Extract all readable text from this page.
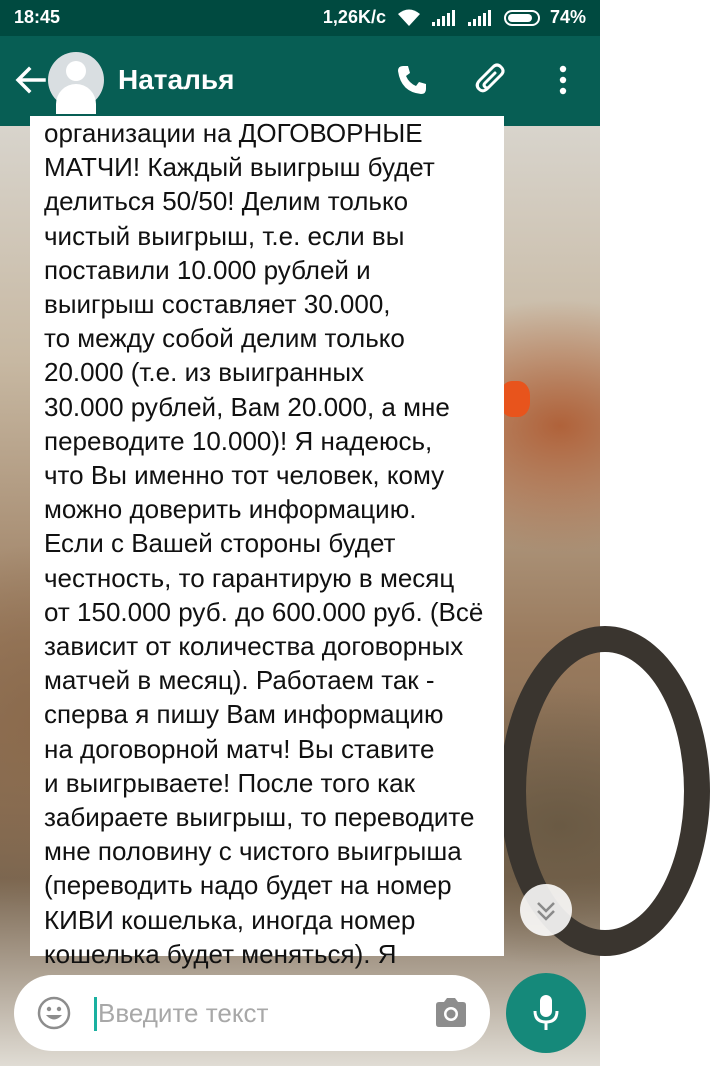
18:45	1,26K/c	74%
Наталья
организации на ДОГОВОРНЫЕ
МАТЧИ! Каждый выигрыш будет
делиться 50/50! Делим только
чистый выигрыш, т.е. если вы
поставили 10.000 рублей и
выигрыш составляет 30.000,
то между собой делим только
20.000 (т.е. из выигранных
30.000 рублей, Вам 20.000, а мне
переводите 10.000)! Я надеюсь,
что Вы именно тот человек, кому
можно доверить информацию.
Если с Вашей стороны будет
честность, то гарантирую в месяц
от 150.000 руб. до 600.000 руб. (Всё
зависит от количества договорных
матчей в месяц). Работаем так -
сперва я пишу Вам информацию
на договорной матч! Вы ставите
и выигрываете! После того как
забираете выигрыш, то переводите
мне половину с чистого выигрыша
(переводить надо будет на номер
КИВИ кошелька, иногда номер
кошелька будет меняться). Я
Введите текст
